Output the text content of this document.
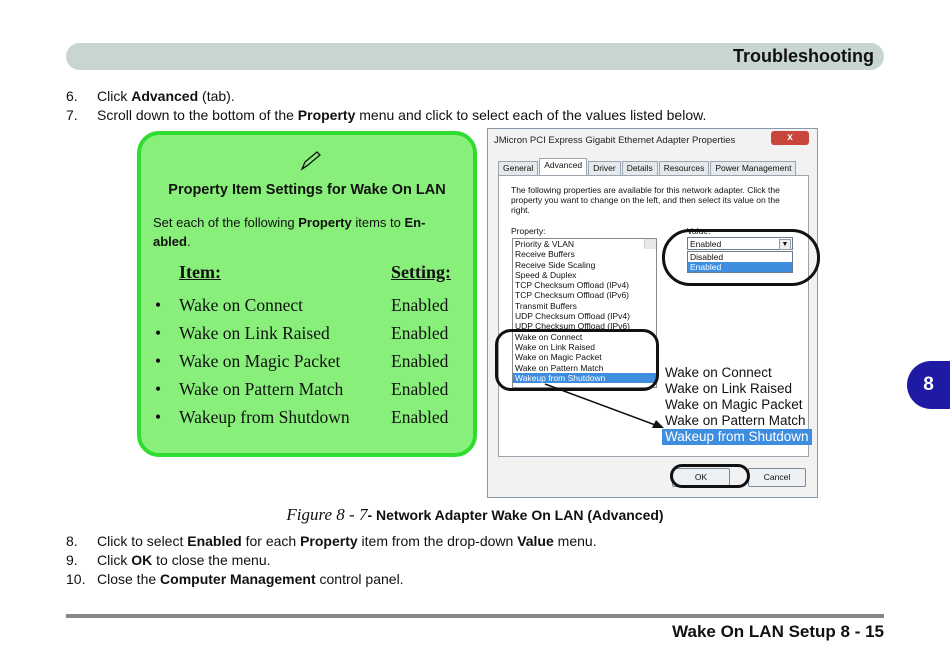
Troubleshooting
6.	Click Advanced (tab).
7.	Scroll down to the bottom of the Property menu and click to select each of the values listed below.
Property Item Settings for Wake On LAN
Set each of the following Property items to En-abled.
Item:	Setting:
• Wake on Connect	Enabled
• Wake on Link Raised	Enabled
• Wake on Magic Packet	Enabled
• Wake on Pattern Match	Enabled
• Wakeup from Shutdown Enabled
JMicron PCI Express Gigabit Ethernet Adapter Properties	x
General	Advanced	Driver	Details	Resources	Power Management
The following properties are available for this network adapter. Click the property you want to change on the left, and then select its value on the right.
Property:	Value:
Priority & VLAN
Receive Buffers
Receive Side Scaling
Speed & Duplex
TCP Checksum Offload (IPv4)
TCP Checksum Offload (IPv6)
Transmit Buffers
UDP Checksum Offload (IPv4)
UDP Checksum Offload (IPv6)
Wake on Connect
Wake on Link Raised
Wake on Magic Packet
Wake on Pattern Match
Wakeup from Shutdown
Enabled	▼
Disabled
Enabled
OK	Cancel
Wake on Connect
Wake on Link Raised
Wake on Magic Packet
Wake on Pattern Match
Wakeup from Shutdown
Figure 8 - 7- Network Adapter Wake On LAN (Advanced)
8.	Click to select Enabled for each Property item from the drop-down Value menu.
9.	Click OK to close the menu.
10. Close the Computer Management control panel.
Wake On LAN Setup 8 - 15
8
